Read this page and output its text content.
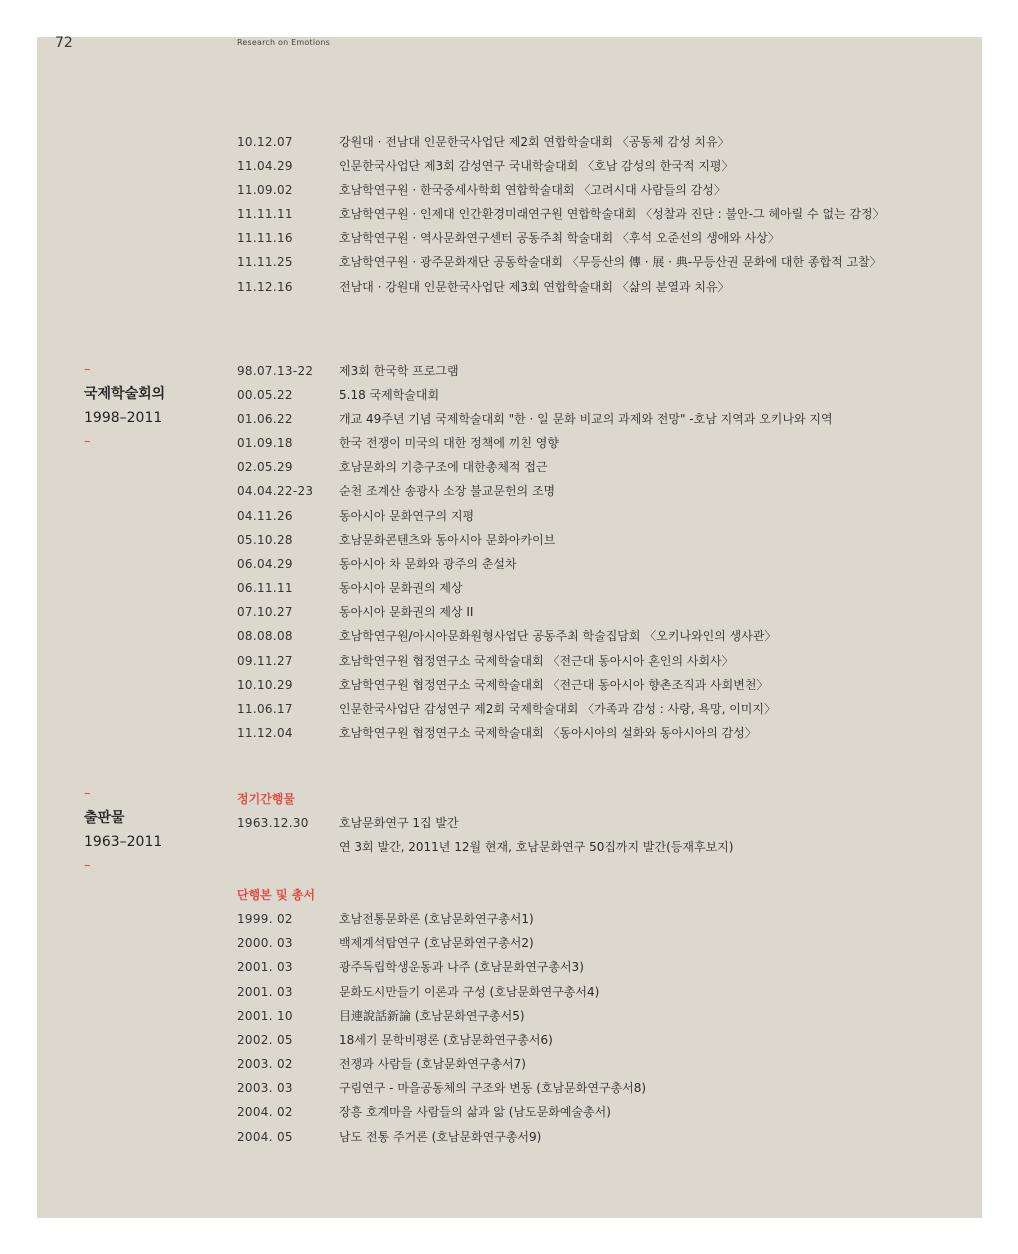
72	Research on Emotions
10.12.07	강원대 · 전남대 인문한국사업단 제2회 연합학술대회 〈공동체 감성 치유〉
11.04.29	인문한국사업단 제3회 감성연구 국내학술대회 〈호남 감성의 한국적 지평〉
11.09.02	호남학연구원 · 한국중세사학회 연합학술대회 〈고려시대 사람들의 감성〉
11.11.11	호남학연구원 · 인제대 인간환경미래연구원 연합학술대회 〈성찰과 진단 : 불안-그 헤아릴 수 없는 감정〉
11.11.16	호남학연구원 · 역사문화연구센터 공동주최 학술대회 〈후석 오준선의 생애와 사상〉
11.11.25	호남학연구원 · 광주문화재단 공동학술대회 〈무등산의 傳 · 展 · 典-무등산권 문화에 대한 종합적 고찰〉
11.12.16	전남대 · 강원대 인문한국사업단 제3회 연합학술대회 〈삶의 분열과 치유〉
–
국제학술회의
1998–2011
–
98.07.13-22	제3회 한국학 프로그램
00.05.22	5.18 국제학술대회
01.06.22	개교 49주년 기념 국제학술대회 "한 · 일 문화 비교의 과제와 전망" -호남 지역과 오키나와 지역
01.09.18	한국 전쟁이 미국의 대한 정책에 끼친 영향
02.05.29	호남문화의 기층구조에 대한총체적 접근
04.04.22-23	순천 조계산 송광사 소장 불교문헌의 조명
04.11.26	동아시아 문화연구의 지평
05.10.28	호남문화콘텐츠와 동아시아 문화아카이브
06.04.29	동아시아 차 문화와 광주의 춘설차
06.11.11	동아시아 문화권의 제상
07.10.27	동아시아 문화권의 제상 II
08.08.08	호남학연구원/아시아문화원형사업단 공동주최 학술집담회 〈오키나와인의 생사관〉
09.11.27	호남학연구원 협정연구소 국제학술대회 〈전근대 동아시아 혼인의 사회사〉
10.10.29	호남학연구원 협정연구소 국제학술대회 〈전근대 동아시아 향촌조직과 사회변천〉
11.06.17	인문한국사업단 감성연구 제2회 국제학술대회 〈가족과 감성 : 사랑, 욕망, 이미지〉
11.12.04	호남학연구원 협정연구소 국제학술대회 〈동아시아의 설화와 동아시아의 감성〉
–
출판물
1963–2011
–
정기간행물
1963.12.30	호남문화연구 1집 발간
연 3회 발간, 2011년 12월 현재, 호남문화연구 50집까지 발간(등재후보지)
단행본 및 총서
1999. 02	호남전통문화론 (호남문화연구총서1)
2000. 03	백제계석탑연구 (호남문화연구총서2)
2001. 03	광주독립학생운동과 나주 (호남문화연구총서3)
2001. 03	문화도시만들기 이론과 구성 (호남문화연구총서4)
2001. 10	目連說話新論 (호남문화연구총서5)
2002. 05	18세기 문학비평론 (호남문화연구총서6)
2003. 02	전쟁과 사람들 (호남문화연구총서7)
2003. 03	구림연구 - 마을공동체의 구조와 변동 (호남문화연구총서8)
2004. 02	장흥 호계마을 사람들의 삶과 앎 (남도문화예술총서)
2004. 05	남도 전통 주거론 (호남문화연구총서9)
